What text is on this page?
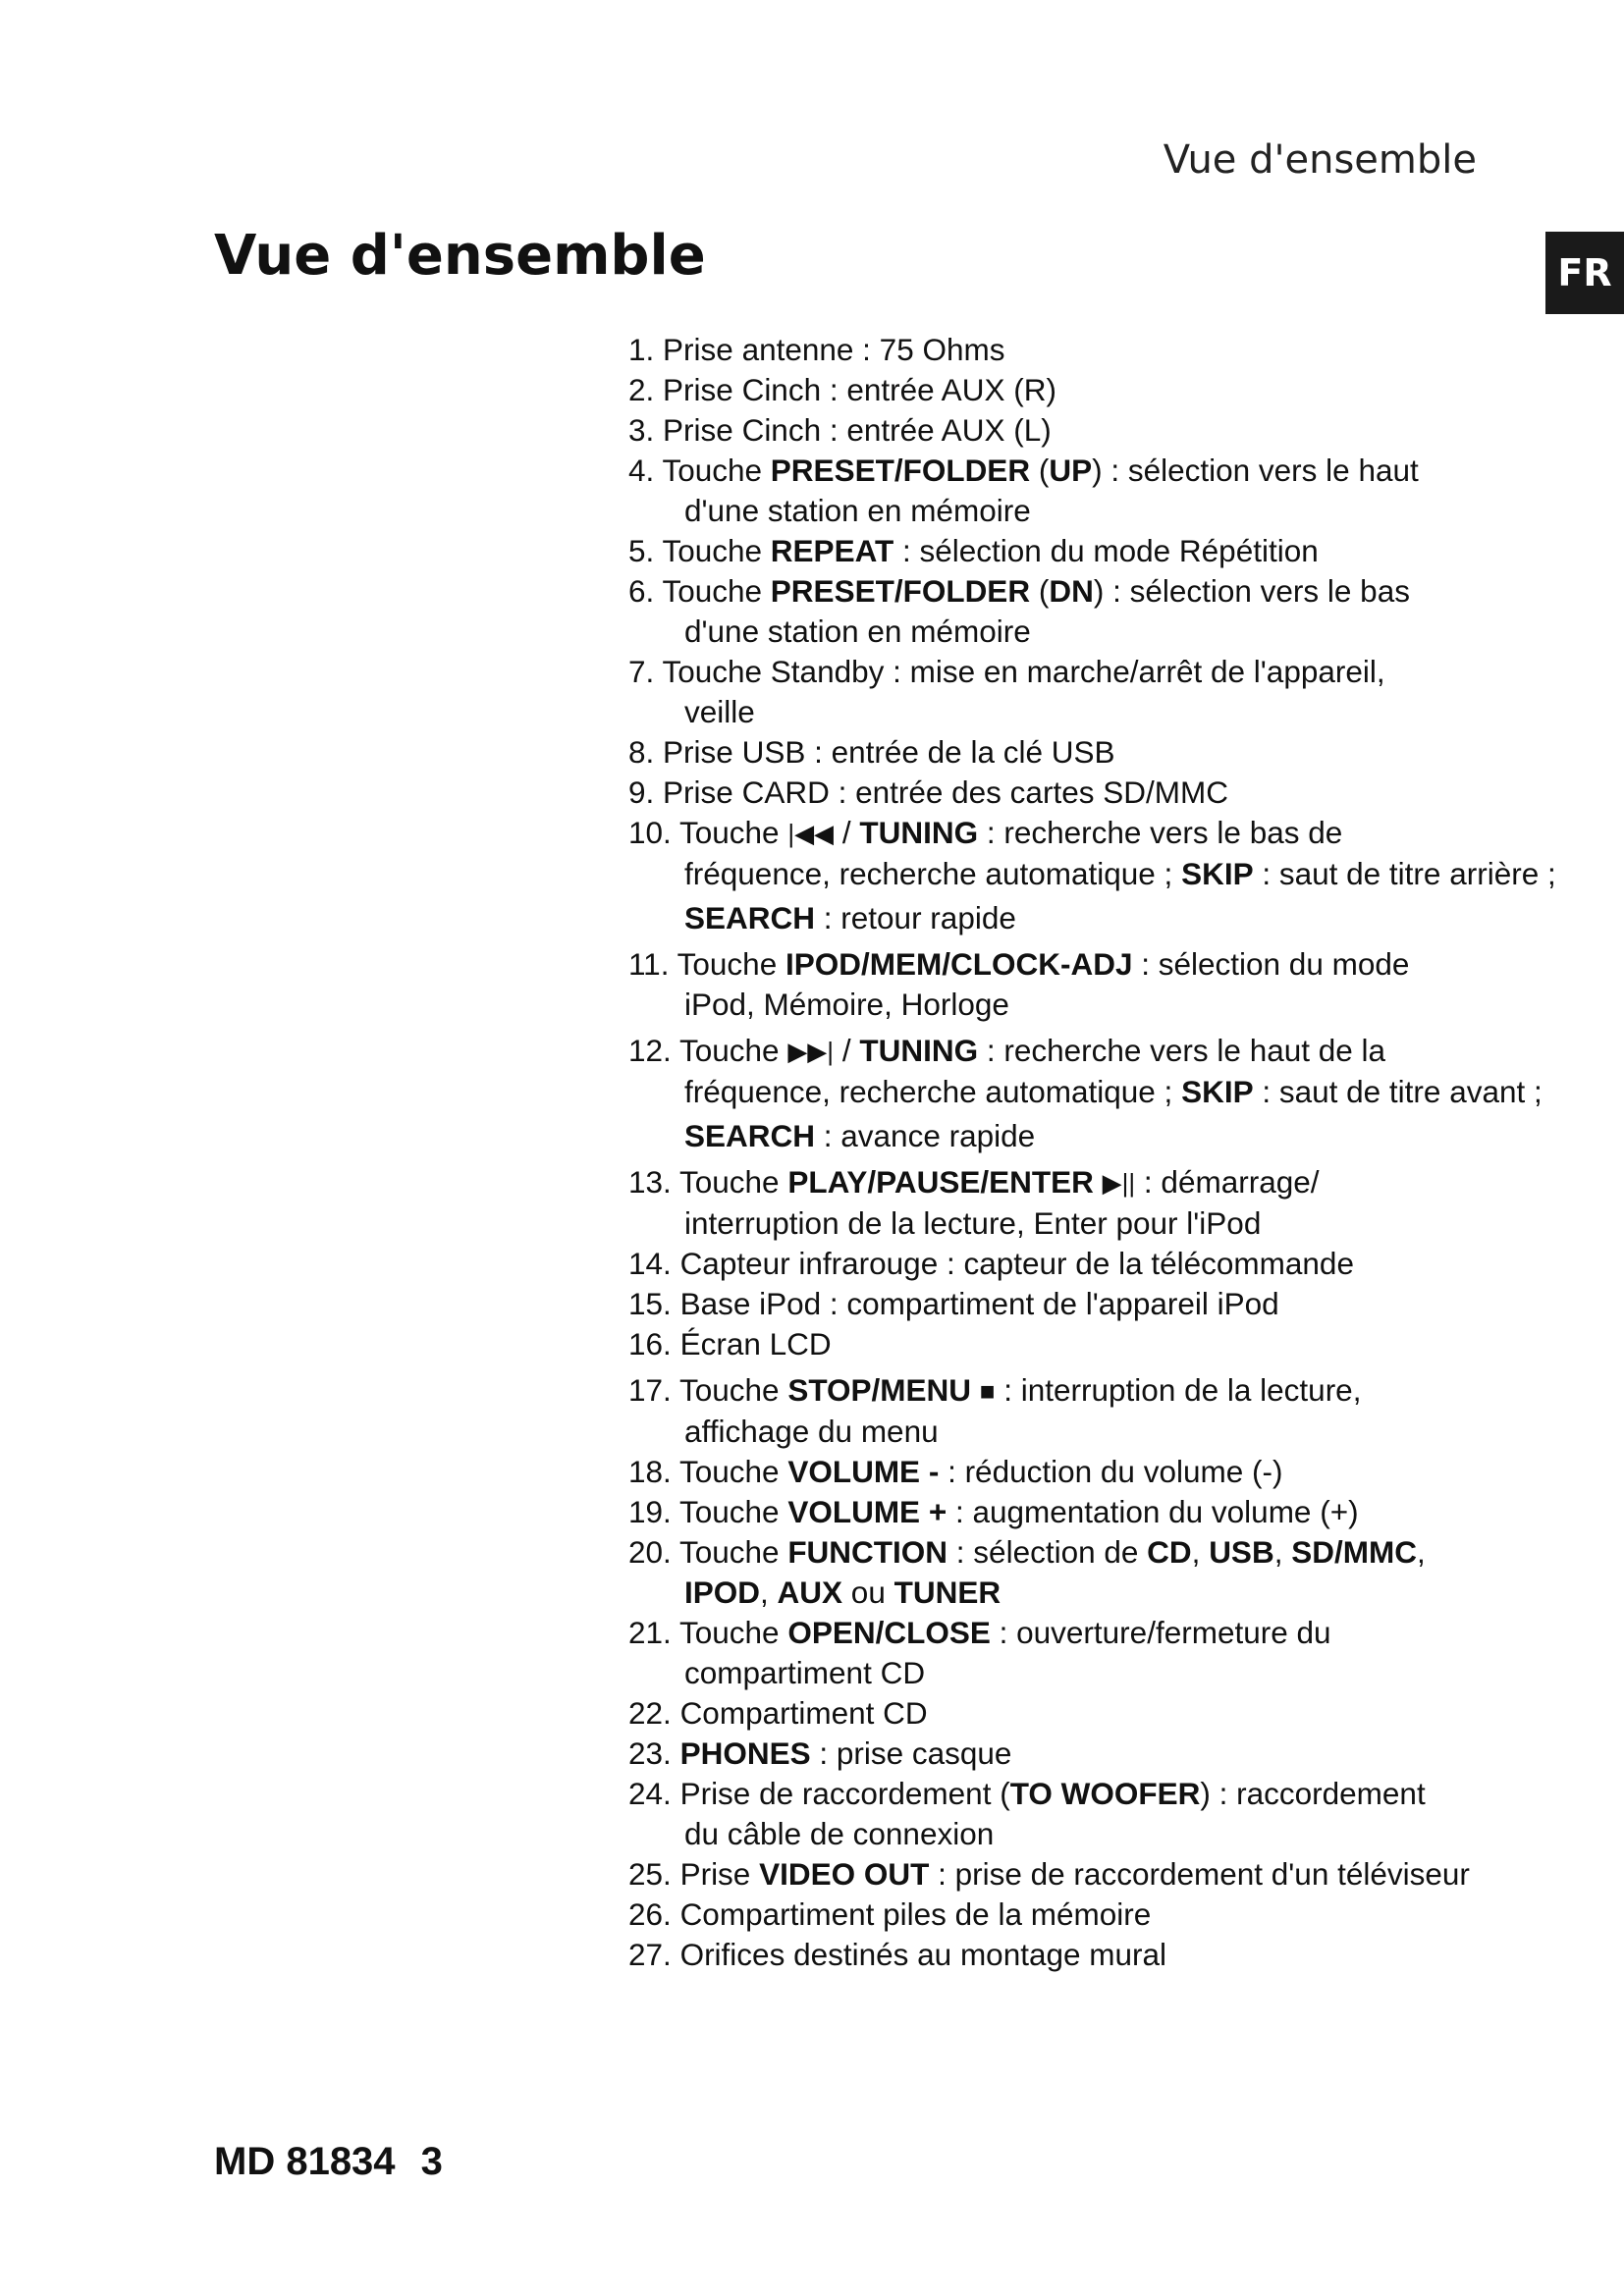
Vue d'ensemble
FR
Vue d'ensemble
1. Prise antenne : 75 Ohms
2. Prise Cinch : entrée AUX (R)
3. Prise Cinch : entrée AUX (L)
4. Touche PRESET/FOLDER (UP) : sélection vers le haut
d'une station en mémoire
5. Touche REPEAT : sélection du mode Répétition
6. Touche PRESET/FOLDER (DN) : sélection vers le bas
d'une station en mémoire
7. Touche Standby : mise en marche/arrêt de l'appareil,
veille
8. Prise USB : entrée de la clé USB
9. Prise CARD : entrée des cartes SD/MMC
10. Touche |◀◀ / TUNING : recherche vers le bas de
fréquence, recherche automatique ; SKIP : saut de titre arrière ;
SEARCH : retour rapide
11. Touche IPOD/MEM/CLOCK-ADJ : sélection du mode
iPod, Mémoire, Horloge
12. Touche ▶▶| / TUNING : recherche vers le haut de la
fréquence, recherche automatique ; SKIP : saut de titre avant ;
SEARCH : avance rapide
13. Touche PLAY/PAUSE/ENTER ▶|| : démarrage/
interruption de la lecture, Enter pour l'iPod
14. Capteur infrarouge : capteur de la télécommande
15. Base iPod : compartiment de l'appareil iPod
16. Écran LCD
17. Touche STOP/MENU ■ : interruption de la lecture,
affichage du menu
18. Touche VOLUME - : réduction du volume (-)
19. Touche VOLUME + : augmentation du volume (+)
20. Touche FUNCTION : sélection de CD, USB, SD/MMC,
IPOD, AUX ou TUNER
21. Touche OPEN/CLOSE : ouverture/fermeture du
compartiment CD
22. Compartiment CD
23. PHONES : prise casque
24. Prise de raccordement (TO WOOFER) : raccordement
du câble de connexion
25. Prise VIDEO OUT : prise de raccordement d'un téléviseur
26. Compartiment piles de la mémoire
27. Orifices destinés au montage mural
MD 81834 3
